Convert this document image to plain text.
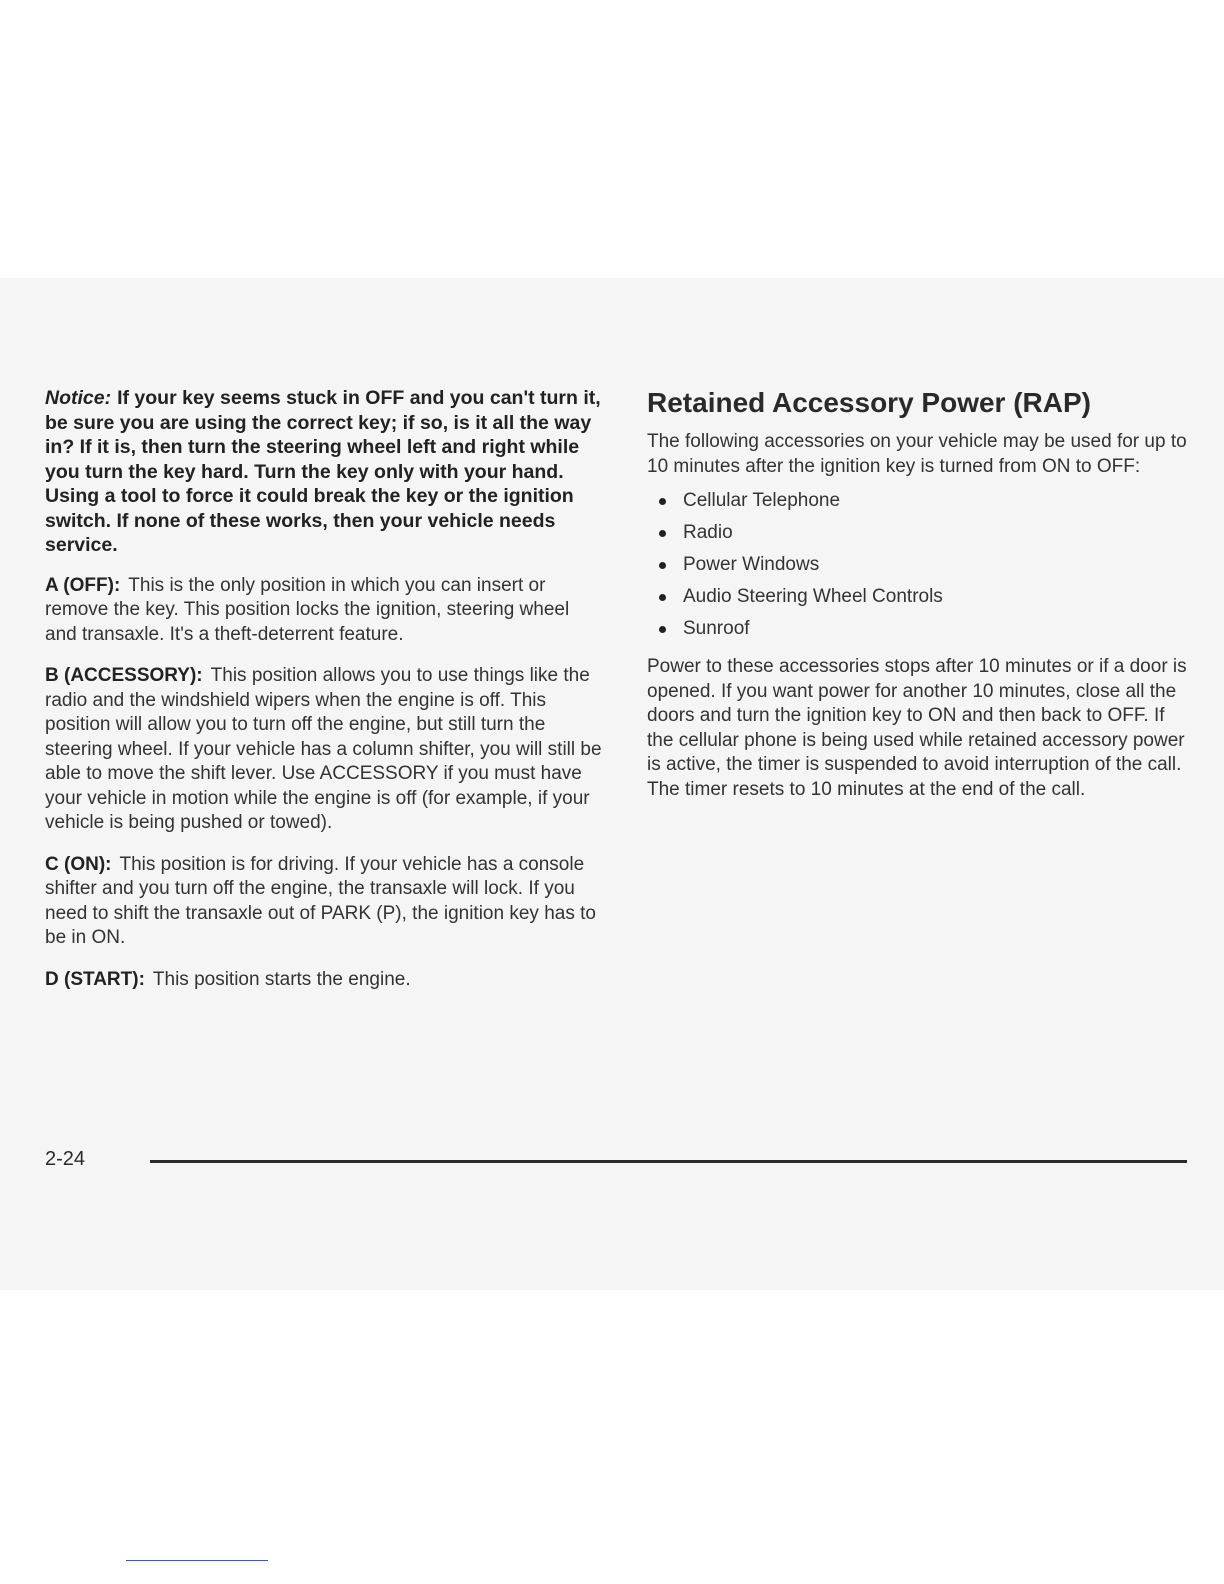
Notice: If your key seems stuck in OFF and you can't turn it, be sure you are using the correct key; if so, is it all the way in? If it is, then turn the steering wheel left and right while you turn the key hard. Turn the key only with your hand. Using a tool to force it could break the key or the ignition switch. If none of these works, then your vehicle needs service.

A (OFF): This is the only position in which you can insert or remove the key. This position locks the ignition, steering wheel and transaxle. It's a theft-deterrent feature.

B (ACCESSORY): This position allows you to use things like the radio and the windshield wipers when the engine is off. This position will allow you to turn off the engine, but still turn the steering wheel. If your vehicle has a column shifter, you will still be able to move the shift lever. Use ACCESSORY if you must have your vehicle in motion while the engine is off (for example, if your vehicle is being pushed or towed).

C (ON): This position is for driving. If your vehicle has a console shifter and you turn off the engine, the transaxle will lock. If you need to shift the transaxle out of PARK (P), the ignition key has to be in ON.

D (START): This position starts the engine.

Retained Accessory Power (RAP)

The following accessories on your vehicle may be used for up to 10 minutes after the ignition key is turned from ON to OFF:

Cellular Telephone
Radio
Power Windows
Audio Steering Wheel Controls
Sunroof

Power to these accessories stops after 10 minutes or if a door is opened. If you want power for another 10 minutes, close all the doors and turn the ignition key to ON and then back to OFF. If the cellular phone is being used while retained accessory power is active, the timer is suspended to avoid interruption of the call. The timer resets to 10 minutes at the end of the call.

2-24
